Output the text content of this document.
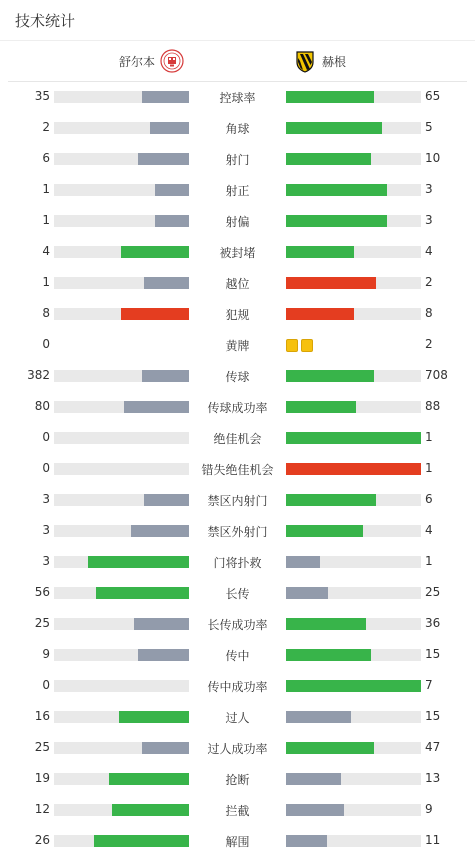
技术统计
舒尔本	赫根
35	控球率	65
2	角球	5
6	射门	10
1	射正	3
1	射偏	3
4	被封堵	4
1	越位	2
8	犯规	8
0	黄牌	2
382	传球	708
80	传球成功率	88
0	绝佳机会	1
0	错失绝佳机会	1
3	禁区内射门	6
3	禁区外射门	4
3	门将扑救	1
56	长传	25
25	长传成功率	36
9	传中	15
0	传中成功率	7
16	过人	15
25	过人成功率	47
19	抢断	13
12	拦截	9
26	解围	11
